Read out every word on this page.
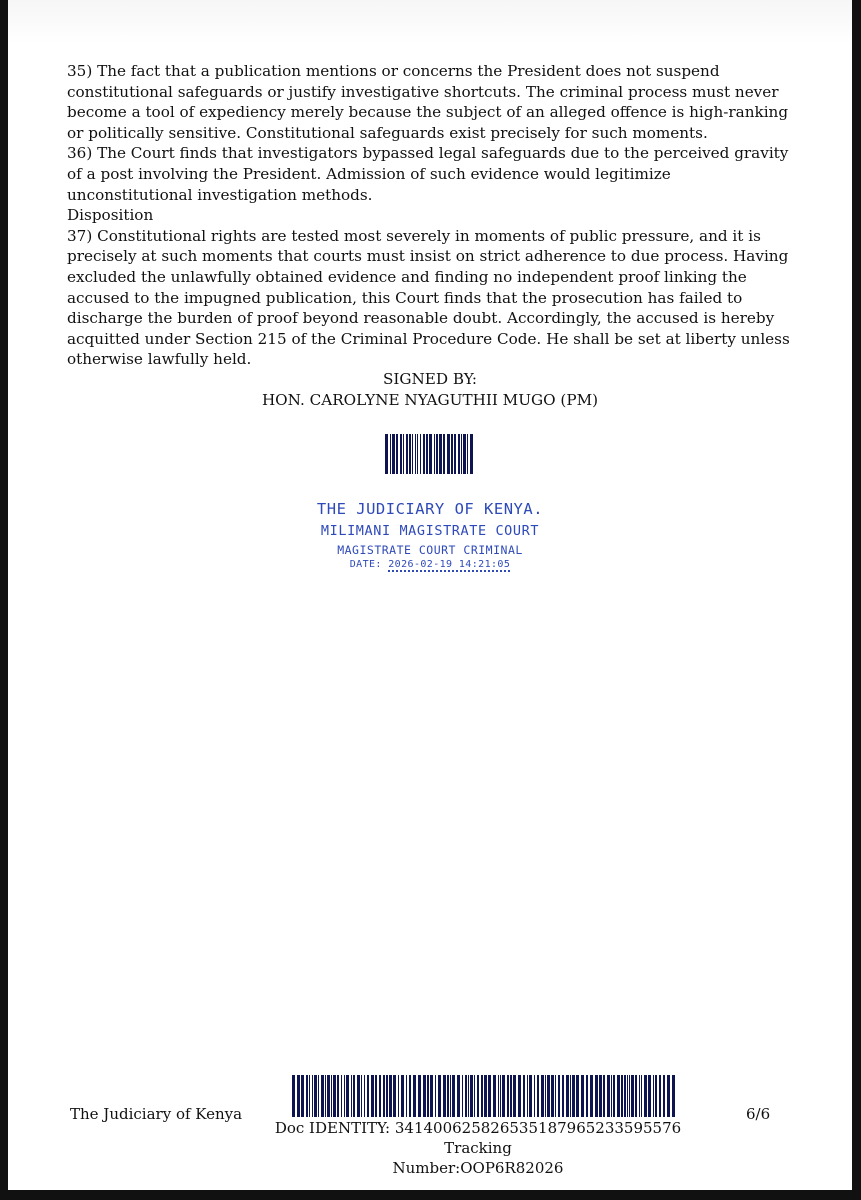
35) The fact that a publication mentions or concerns the President does not suspend constitutional safeguards or justify investigative shortcuts. The criminal process must never become a tool of expediency merely because the subject of an alleged offence is high-ranking or politically sensitive. Constitutional safeguards exist precisely for such moments.

36) The Court finds that investigators bypassed legal safeguards due to the perceived gravity of a post involving the President. Admission of such evidence would legitimize unconstitutional investigation methods.

Disposition

37) Constitutional rights are tested most severely in moments of public pressure, and it is precisely at such moments that courts must insist on strict adherence to due process. Having excluded the unlawfully obtained evidence and finding no independent proof linking the accused to the impugned publication, this Court finds that the prosecution has failed to discharge the burden of proof beyond reasonable doubt. Accordingly, the accused is hereby acquitted under Section 215 of the Criminal Procedure Code. He shall be set at liberty unless otherwise lawfully held.

SIGNED BY:
HON. CAROLYNE NYAGUTHII MUGO (PM)
THE JUDICIARY OF KENYA.
MILIMANI MAGISTRATE COURT
MAGISTRATE COURT CRIMINAL
DATE: 2026-02-19 14:21:05
The Judiciary of Kenya
Doc IDENTITY: 341400625826535187965233595576 Tracking
Number:OOP6R82026
6/6
